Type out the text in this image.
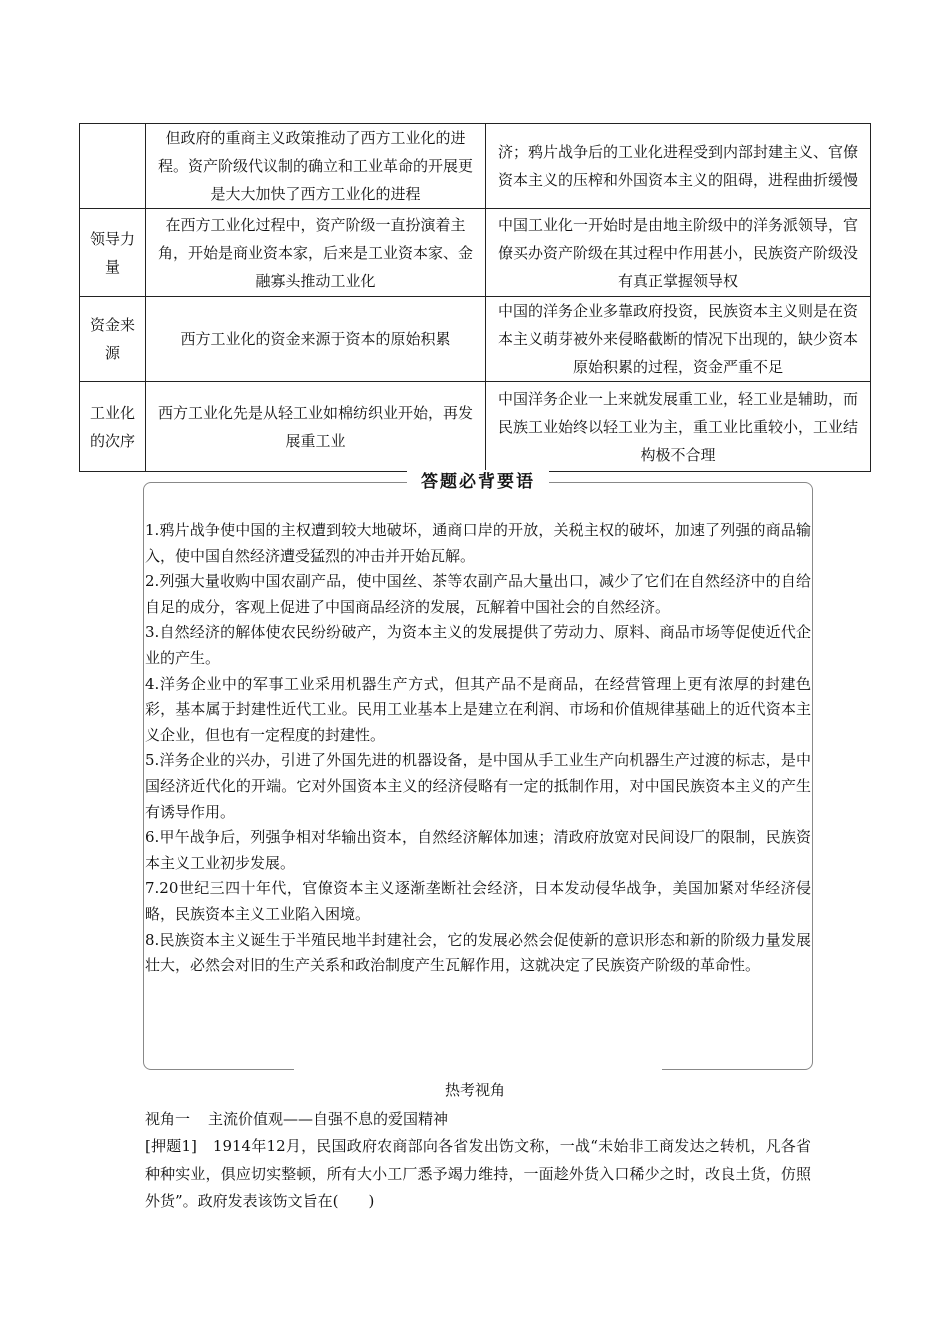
	但政府的重商主义政策推动了西方工业化的进程。资产阶级代议制的确立和工业革命的开展更是大大加快了西方工业化的进程	济；鸦片战争后的工业化进程受到内部封建主义、官僚资本主义的压榨和外国资本主义的阻碍，进程曲折缓慢
领导力量	在西方工业化过程中，资产阶级一直扮演着主角，开始是商业资本家，后来是工业资本家、金融寡头推动工业化	中国工业化一开始时是由地主阶级中的洋务派领导，官僚买办资产阶级在其过程中作用甚小，民族资产阶级没有真正掌握领导权
资金来源	西方工业化的资金来源于资本的原始积累	中国的洋务企业多靠政府投资，民族资本主义则是在资本主义萌芽被外来侵略截断的情况下出现的，缺少资本原始积累的过程，资金严重不足
工业化的次序	西方工业化先是从轻工业如棉纺织业开始，再发展重工业	中国洋务企业一上来就发展重工业，轻工业是辅助，而民族工业始终以轻工业为主，重工业比重较小，工业结构极不合理
答题必背要语

1.鸦片战争使中国的主权遭到较大地破坏，通商口岸的开放，关税主权的破坏，加速了列强的商品输入，使中国自然经济遭受猛烈的冲击并开始瓦解。

2.列强大量收购中国农副产品，使中国丝、茶等农副产品大量出口，减少了它们在自然经济中的自给自足的成分，客观上促进了中国商品经济的发展，瓦解着中国社会的自然经济。

3.自然经济的解体使农民纷纷破产，为资本主义的发展提供了劳动力、原料、商品市场等促使近代企业的产生。

4.洋务企业中的军事工业采用机器生产方式，但其产品不是商品，在经营管理上更有浓厚的封建色彩，基本属于封建性近代工业。民用工业基本上是建立在利润、市场和价值规律基础上的近代资本主义企业，但也有一定程度的封建性。

5.洋务企业的兴办，引进了外国先进的机器设备，是中国从手工业生产向机器生产过渡的标志，是中国经济近代化的开端。它对外国资本主义的经济侵略有一定的抵制作用，对中国民族资本主义的产生有诱导作用。

6.甲午战争后，列强争相对华输出资本，自然经济解体加速；清政府放宽对民间设厂的限制，民族资本主义工业初步发展。

7.20世纪三四十年代，官僚资本主义逐渐垄断社会经济，日本发动侵华战争，美国加紧对华经济侵略，民族资本主义工业陷入困境。

8.民族资本主义诞生于半殖民地半封建社会，它的发展必然会促使新的意识形态和新的阶级力量发展壮大，必然会对旧的生产关系和政治制度产生瓦解作用，这就决定了民族资产阶级的革命性。

热考视角
视角一 主流价值观——自强不息的爱国精神
[押题1] 1914年12月，民国政府农商部向各省发出饬文称，一战“未始非工商发达之转机，凡各省种种实业，俱应切实整顿，所有大小工厂悉予竭力维持，一面趁外货入口稀少之时，改良土货，仿照外货”。政府发表该饬文旨在(　　)
